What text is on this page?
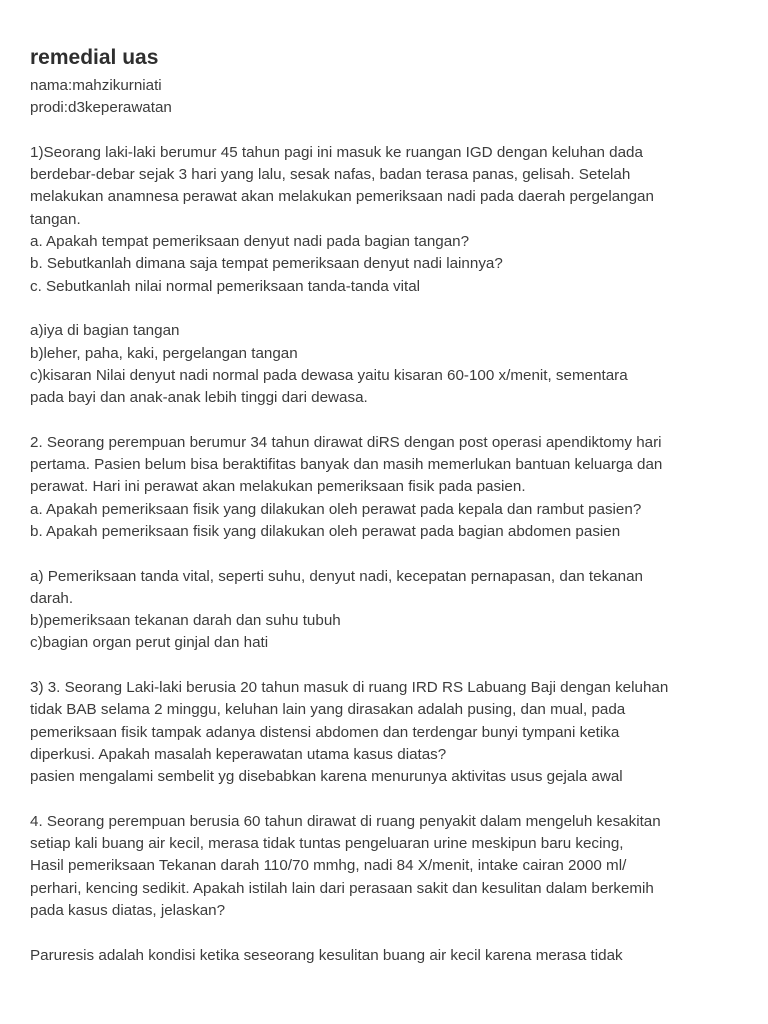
remedial uas
nama:mahzikurniati
prodi:d3keperawatan
1)Seorang laki-laki berumur 45 tahun pagi ini masuk ke ruangan IGD dengan keluhan dada
berdebar-debar sejak 3 hari yang lalu, sesak nafas, badan terasa panas, gelisah. Setelah
melakukan anamnesa perawat akan melakukan pemeriksaan nadi pada daerah pergelangan
tangan.
a. Apakah tempat pemeriksaan denyut nadi pada bagian tangan?
b. Sebutkanlah dimana saja tempat pemeriksaan denyut nadi lainnya?
c. Sebutkanlah nilai normal pemeriksaan tanda-tanda vital
a)iya di bagian tangan
b)leher, paha, kaki, pergelangan tangan
c)kisaran Nilai denyut nadi normal pada dewasa yaitu kisaran 60-100 x/menit, sementara
pada bayi dan anak-anak lebih tinggi dari dewasa.
2. Seorang perempuan berumur 34 tahun dirawat diRS dengan post operasi apendiktomy hari
pertama. Pasien belum bisa beraktifitas banyak dan masih memerlukan bantuan keluarga dan
perawat. Hari ini perawat akan melakukan pemeriksaan fisik pada pasien.
a. Apakah pemeriksaan fisik yang dilakukan oleh perawat pada kepala dan rambut pasien?
b. Apakah pemeriksaan fisik yang dilakukan oleh perawat pada bagian abdomen pasien
a) Pemeriksaan tanda vital, seperti suhu, denyut nadi, kecepatan pernapasan, dan tekanan
darah.
b)pemeriksaan tekanan darah dan suhu tubuh
c)bagian organ perut ginjal dan hati
3) 3. Seorang Laki-laki berusia 20 tahun masuk di ruang IRD RS Labuang Baji dengan keluhan
tidak BAB selama 2 minggu, keluhan lain yang dirasakan adalah pusing, dan mual, pada
pemeriksaan fisik tampak adanya distensi abdomen dan terdengar bunyi tympani ketika
diperkusi. Apakah masalah keperawatan utama kasus diatas?
pasien mengalami sembelit yg disebabkan karena menurunya aktivitas usus gejala awal
4. Seorang perempuan berusia 60 tahun dirawat di ruang penyakit dalam mengeluh kesakitan
setiap kali buang air kecil, merasa tidak tuntas pengeluaran urine meskipun baru kecing,
Hasil pemeriksaan Tekanan darah 110/70 mmhg, nadi 84 X/menit, intake cairan 2000 ml/
perhari, kencing sedikit. Apakah istilah lain dari perasaan sakit dan kesulitan dalam berkemih
pada kasus diatas, jelaskan?
Paruresis adalah kondisi ketika seseorang kesulitan buang air kecil karena merasa tidak
